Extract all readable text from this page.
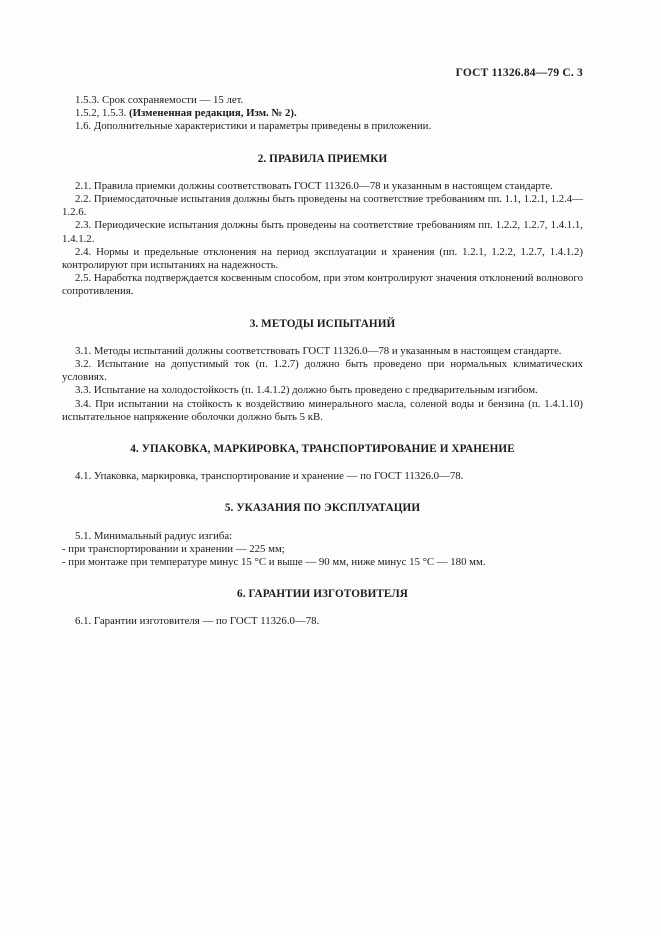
ГОСТ 11326.84—79 С. 3

1.5.3. Срок сохраняемости — 15 лет.

1.5.2, 1.5.3. (Измененная редакция, Изм. № 2).

1.6. Дополнительные характеристики и параметры приведены в приложении.

2. ПРАВИЛА ПРИЕМКИ

2.1. Правила приемки должны соответствовать ГОСТ 11326.0—78 и указанным в настоящем стандарте.

2.2. Приемосдаточные испытания должны быть проведены на соответствие требованиям пп. 1.1, 1.2.1, 1.2.4—1.2.6.

2.3. Периодические испытания должны быть проведены на соответствие требованиям пп. 1.2.2, 1.2.7, 1.4.1.1, 1.4.1.2.

2.4. Нормы и предельные отклонения на период эксплуатации и хранения (пп. 1.2.1, 1.2.2, 1.2.7, 1.4.1.2) контролируют при испытаниях на надежность.

2.5. Наработка подтверждается косвенным способом, при этом контролируют значения отклонений волнового сопротивления.

3. МЕТОДЫ ИСПЫТАНИЙ

3.1. Методы испытаний должны соответствовать ГОСТ 11326.0—78 и указанным в настоящем стандарте.

3.2. Испытание на допустимый ток (п. 1.2.7) должно быть проведено при нормальных климатических условиях.

3.3. Испытание на холодостойкость (п. 1.4.1.2) должно быть проведено с предварительным изгибом.

3.4. При испытании на стойкость к воздействию минерального масла, соленой воды и бензина (п. 1.4.1.10) испытательное напряжение оболочки должно быть 5 кВ.

4. УПАКОВКА, МАРКИРОВКА, ТРАНСПОРТИРОВАНИЕ И ХРАНЕНИЕ

4.1. Упаковка, маркировка, транспортирование и хранение — по ГОСТ 11326.0—78.

5. УКАЗАНИЯ ПО ЭКСПЛУАТАЦИИ

5.1. Минимальный радиус изгиба:

- при транспортировании и хранении — 225 мм;

- при монтаже при температуре минус 15 °С и выше — 90 мм, ниже минус 15 °С — 180 мм.

6. ГАРАНТИИ ИЗГОТОВИТЕЛЯ

6.1. Гарантии изготовителя — по ГОСТ 11326.0—78.
